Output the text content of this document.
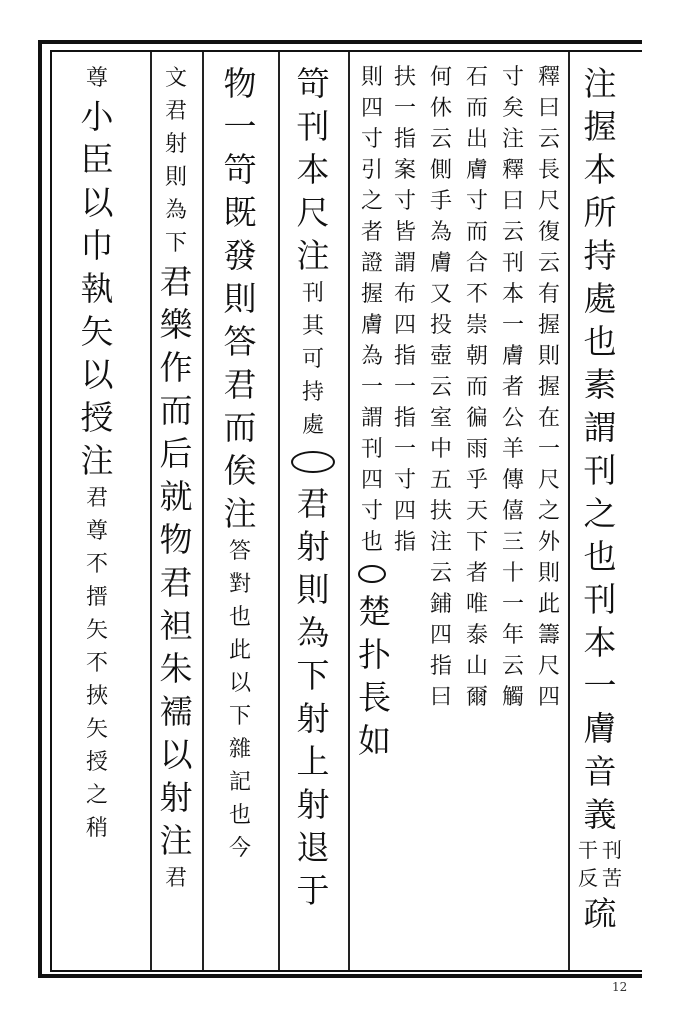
注
握
本
所
持
處
也
素
謂
刊
之
也
刊
本
一
膚
音
義
干
反
刊
苦
疏
釋
曰
云
長
尺
復
云
有
握
則
握
在
一
尺
之
外
則
此
籌
尺
四
寸
矣
注
釋
曰
云
刊
本
一
膚
者
公
羊
傳
僖
三
十
一
年
云
觸
石
而
出
膚
寸
而
合
不
崇
朝
而
徧
雨
乎
天
下
者
唯
泰
山
爾
何
休
云
側
手
為
膚
又
投
壺
云
室
中
五
扶
注
云
鋪
四
指
曰
扶
一
指
案
寸
皆
謂
布
四
指
一
指
一
寸
四
指
則
四
寸
引
之
者
證
握
膚
為
一
謂
刊
四
寸
也
楚
扑
長
如
笴
刊
本
尺
注
刊
其
可
持
處
君
射
則
為
下
射
上
射
退
于
物
一
笴
既
發
則
答
君
而
俟
注
答
對
也
此
以
下
雜
記
也
今
文
君
射
則
為
下
君
樂
作
而
后
就
物
君
袒
朱
襦
以
射
注
君
尊
小
臣
以
巾
執
矢
以
授
注
君
尊
不
搢
矢
不
挾
矢
授
之
稍
12
